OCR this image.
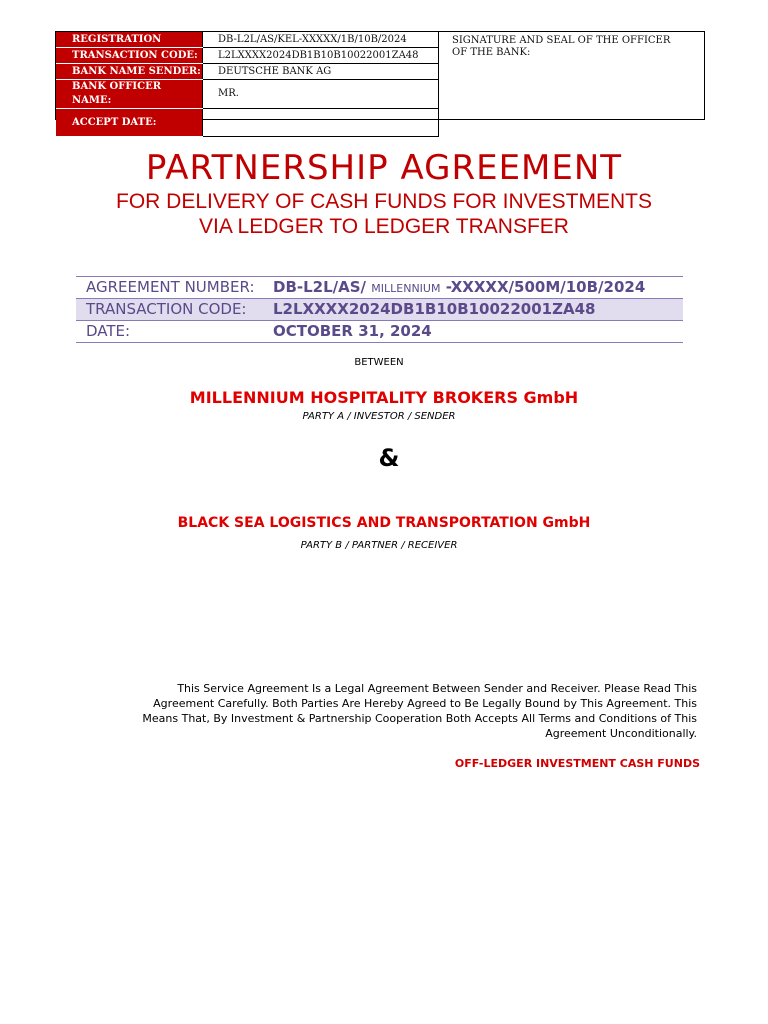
REGISTRATION	DB-L2L/AS/KEL-XXXXX/1B/10B/2024
TRANSACTION CODE:	L2LXXXX2024DB1B10B10022001ZA48
BANK NAME SENDER:	DEUTSCHE BANK AG
BANK OFFICER NAME:	MR.
ACCEPT DATE:	
SIGNATURE AND SEAL OF THE OFFICER
OF THE BANK:
PARTNERSHIP AGREEMENT
FOR DELIVERY OF CASH FUNDS FOR INVESTMENTS
VIA LEDGER TO LEDGER TRANSFER
AGREEMENT NUMBER:	DB-L2L/AS/ MILLENNIUM -XXXXX/500M/10B/2024
TRANSACTION CODE:	L2LXXXX2024DB1B10B10022001ZA48
DATE:	OCTOBER 31, 2024
BETWEEN
MILLENNIUM HOSPITALITY BROKERS GmbH
PARTY A / INVESTOR / SENDER
&
BLACK SEA LOGISTICS AND TRANSPORTATION GmbH
PARTY B / PARTNER / RECEIVER
This Service Agreement Is a Legal Agreement Between Sender and Receiver. Please Read This Agreement Carefully. Both Parties Are Hereby Agreed to Be Legally Bound by This Agreement. This Means That, By Investment & Partnership Cooperation Both Accepts All Terms and Conditions of This Agreement Unconditionally.
OFF-LEDGER INVESTMENT CASH FUNDS
